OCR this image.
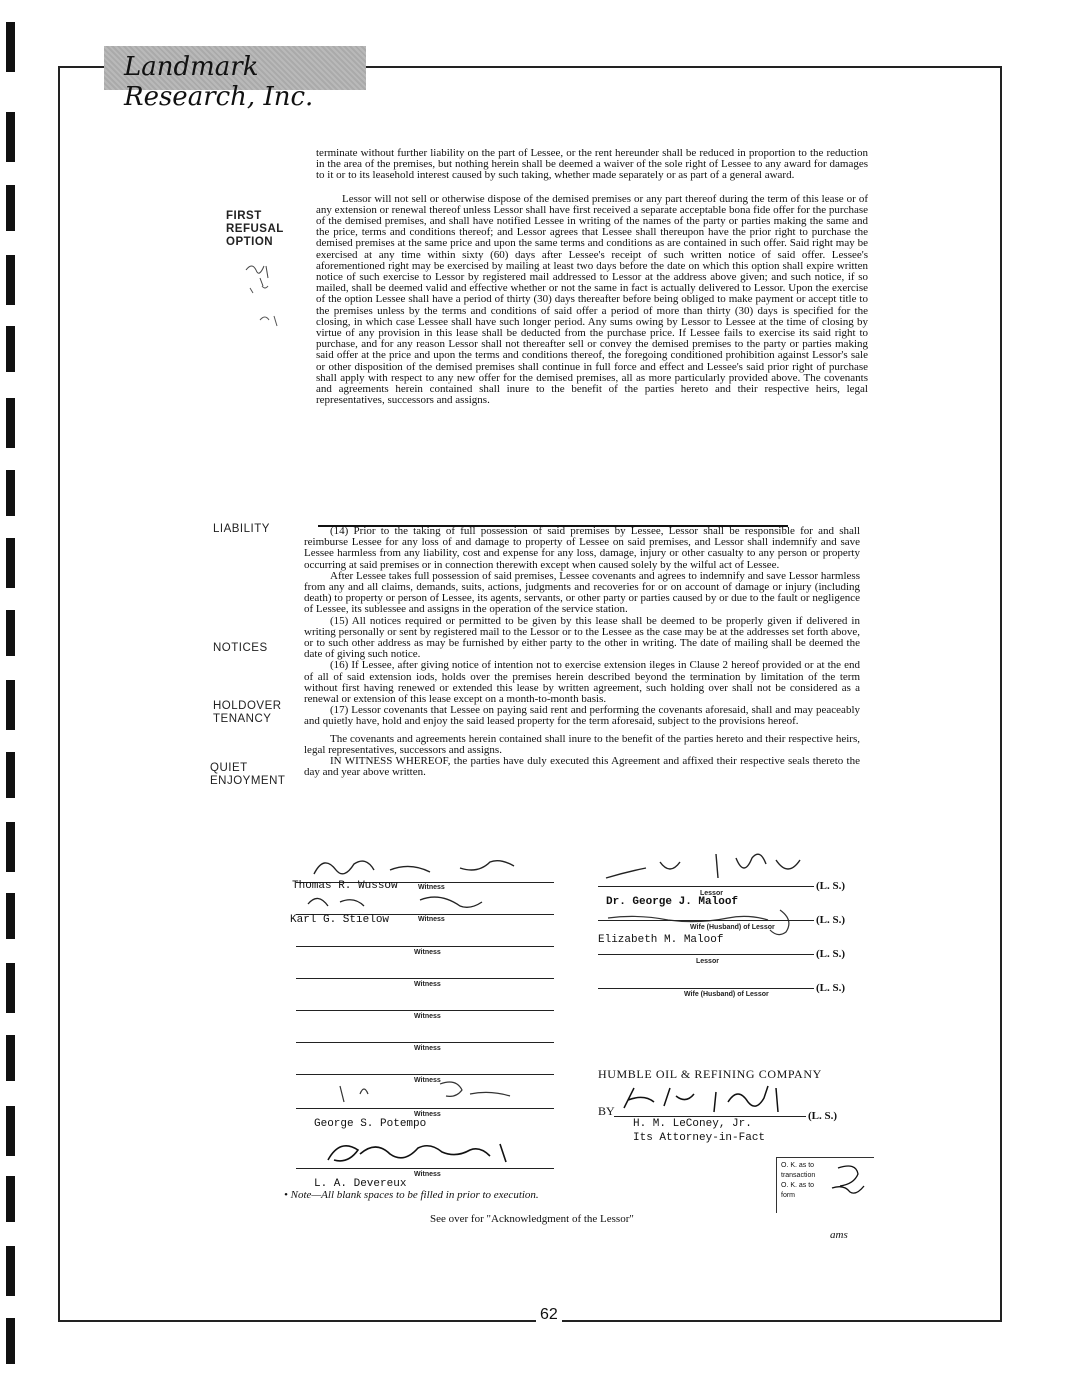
Landmark Research, Inc.
FIRST
REFUSAL
OPTION
LIABILITY
NOTICES
HOLDOVER
TENANCY
QUIET
ENJOYMENT

terminate without further liability on the part of Lessee, or the rent hereunder shall be reduced in proportion to the reduction in the area of the premises, but nothing herein shall be deemed a waiver of the sole right of Lessee to any award for damages to it or to its leasehold interest caused by such taking, whether made separately or as part of a general award.

Lessor will not sell or otherwise dispose of the demised premises or any part thereof during the term of this lease or of any extension or renewal thereof unless Lessor shall have first received a separate acceptable bona fide offer for the purchase of the demised premises, and shall have notified Lessee in writing of the names of the party or parties making the same and the price, terms and conditions thereof; and Lessor agrees that Lessee shall thereupon have the prior right to purchase the demised premises at the same price and upon the same terms and conditions as are contained in such offer. Said right may be exercised at any time within sixty (60) days after Lessee's receipt of such written notice of said offer. Lessee's aforementioned right may be exercised by mailing at least two days before the date on which this option shall expire written notice of such exercise to Lessor by registered mail addressed to Lessor at the address above given; and such notice, if so mailed, shall be deemed valid and effective whether or not the same in fact is actually delivered to Lessor. Upon the exercise of the option Lessee shall have a period of thirty (30) days thereafter before being obliged to make payment or accept title to the premises unless by the terms and conditions of said offer a period of more than thirty (30) days is specified for the closing, in which case Lessee shall have such longer period. Any sums owing by Lessor to Lessee at the time of closing by virtue of any provision in this lease shall be deducted from the purchase price. If Lessee fails to exercise its said right to purchase, and for any reason Lessor shall not thereafter sell or convey the demised premises to the party or parties making said offer at the price and upon the terms and conditions thereof, the foregoing conditioned prohibition against Lessor's sale or other disposition of the demised premises shall continue in full force and effect and Lessee's said prior right of purchase shall apply with respect to any new offer for the demised premises, all as more particularly provided above. The covenants and agreements herein contained shall inure to the benefit of the parties hereto and their respective heirs, legal representatives, successors and assigns.

(14) Prior to the taking of full possession of said premises by Lessee, Lessor shall be responsible for and shall reimburse Lessee for any loss of and damage to property of Lessee on said premises, and Lessor shall indemnify and save Lessee harmless from any liability, cost and expense for any loss, damage, injury or other casualty to any person or property occurring at said premises or in connection therewith except when caused solely by the wilful act of Lessee.

After Lessee takes full possession of said premises, Lessee covenants and agrees to indemnify and save Lessor harmless from any and all claims, demands, suits, actions, judgments and recoveries for or on account of damage or injury (including death) to property or person of Lessee, its agents, servants, or other party or parties caused by or due to the fault or negligence of Lessee, its sublessee and assigns in the operation of the service station.

(15) All notices required or permitted to be given by this lease shall be deemed to be properly given if delivered in writing personally or sent by registered mail to the Lessor or to the Lessee as the case may be at the addresses set forth above, or to such other address as may be furnished by either party to the other in writing. The date of mailing shall be deemed the date of giving such notice.

(16) If Lessee, after giving notice of intention not to exercise extension ileges in Clause 2 hereof provided or at the end of all of said extension iods, holds over the premises herein described beyond the termination by limitation of the term without first having renewed or extended this lease by written agreement, such holding over shall not be considered as a renewal or extension of this lease except on a month-to-month basis.

(17) Lessor covenants that Lessee on paying said rent and performing the covenants aforesaid, shall and may peaceably and quietly have, hold and enjoy the said leased property for the term aforesaid, subject to the provisions hereof.

The covenants and agreements herein contained shall inure to the benefit of the parties hereto and their respective heirs, legal representatives, successors and assigns.

IN WITNESS WHEREOF, the parties have duly executed this Agreement and affixed their respective seals thereto the day and year above written.

Thomas R. Wussow	Witness
Karl G. Stielow	Witness
Witness
Witness
Witness
Witness
Witness
Witness
George S. Potempo
Witness
L. A. Devereux
(L. S.)
Lessor
Dr. George J. Maloof
(L. S.)
Wife (Husband) of Lessor
Elizabeth M. Maloof
(L. S.)
Lessor
(L. S.)
Wife (Husband) of Lessor
HUMBLE OIL & REFINING COMPANY
BY	(L. S.)
H. M. LeConey, Jr.
Its Attorney-in-Fact
O. K. as to
transaction
O. K. as to
form
• Note—All blank spaces to be filled in prior to execution.
See over for "Acknowledgment of the Lessor"
ams
62
